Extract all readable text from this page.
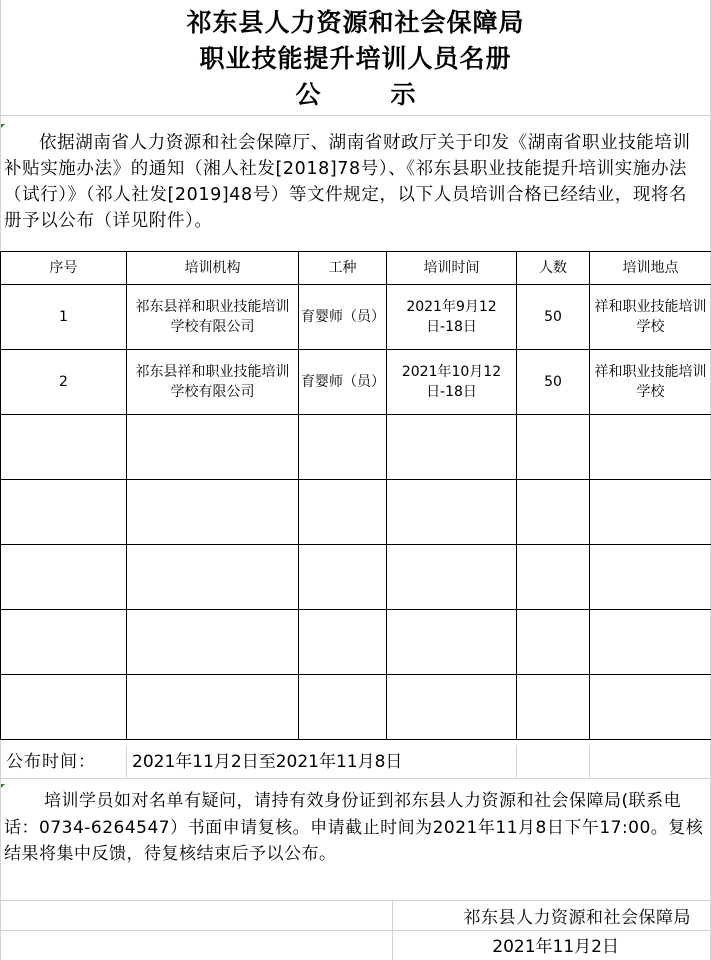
祁东县人力资源和社会保障局
职业技能提升培训人员名册
公	示
依据湖南省人力资源和社会保障厅、湖南省财政厅关于印发《湖南省职业技能培训补贴实施办法》的通知（湘人社发[2018]78号）、《祁东县职业技能提升培训实施办法（试行）》（祁人社发[2019]48号）等文件规定，以下人员培训合格已经结业，现将名册予以公布（详见附件）。
序号	培训机构	工种	培训时间	人数	培训地点
1	祁东县祥和职业技能培训学校有限公司	育婴师（员）	2021年9月12 日-18日	50	祥和职业技能培训学校
2	祁东县祥和职业技能培训学校有限公司	育婴师（员）	2021年10月12日-18日	50	祥和职业技能培训学校

公布时间： 2021年11月2日至2021年11月8日
培训学员如对名单有疑问，请持有效身份证到祁东县人力资源和社会保障局(联系电话：0734-6264547）书面申请复核。申请截止时间为2021年11月8日下午17:00。复核结果将集中反馈，待复核结束后予以公布。
祁东县人力资源和社会保障局
2021年11月2日
